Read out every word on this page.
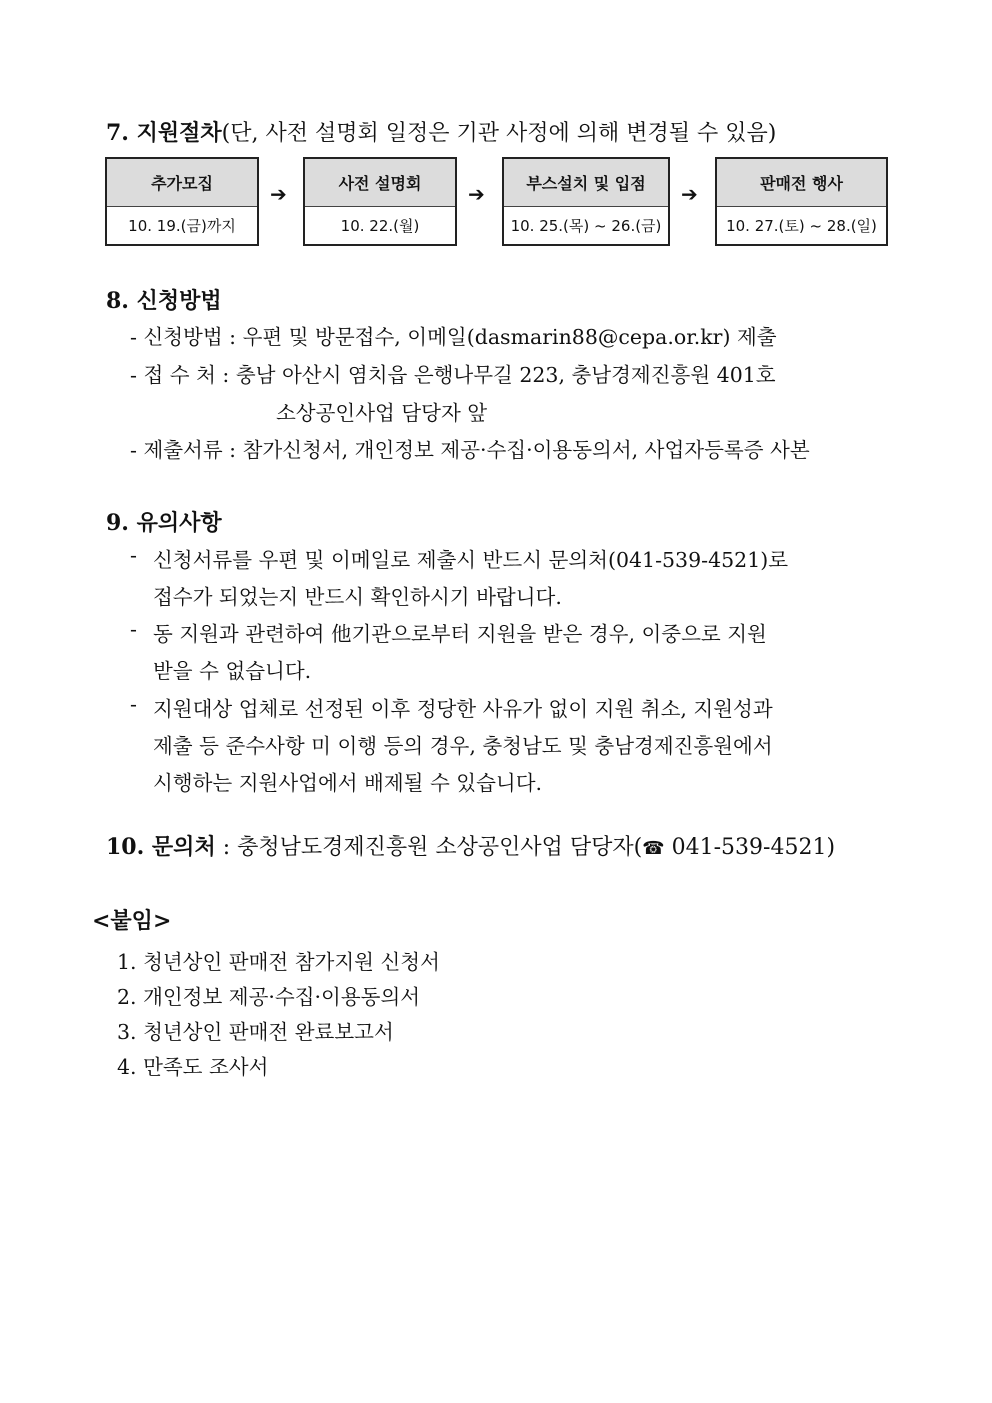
7. 지원절차(단, 사전 설명회 일정은 기관 사정에 의해 변경될 수 있음)
추가모집
10. 19.(금)까지
➔	사전 설명회
10. 22.(월)
➔	부스설치 및 입점
10. 25.(목) ~ 26.(금)
➔	판매전 행사
10. 27.(토) ~ 28.(일)
8. 신청방법
- 신청방법 : 우편 및 방문접수, 이메일(dasmarin88@cepa.or.kr) 제출
- 접 수 처 : 충남 아산시 염치읍 은행나무길 223, 충남경제진흥원 401호
소상공인사업 담당자 앞
- 제출서류 : 참가신청서, 개인정보 제공·수집·이용동의서, 사업자등록증 사본
9. 유의사항
- 신청서류를 우편 및 이메일로 제출시 반드시 문의처(041-539-4521)로
접수가 되었는지 반드시 확인하시기 바랍니다.
- 동 지원과 관련하여 他기관으로부터 지원을 받은 경우, 이중으로 지원
받을 수 없습니다.
- 지원대상 업체로 선정된 이후 정당한 사유가 없이 지원 취소, 지원성과
제출 등 준수사항 미 이행 등의 경우, 충청남도 및 충남경제진흥원에서
시행하는 지원사업에서 배제될 수 있습니다.
10. 문의처 : 충청남도경제진흥원 소상공인사업 담당자(☎ 041-539-4521)
<붙임>
1. 청년상인 판매전 참가지원 신청서
2. 개인정보 제공·수집·이용동의서
3. 청년상인 판매전 완료보고서
4. 만족도 조사서
